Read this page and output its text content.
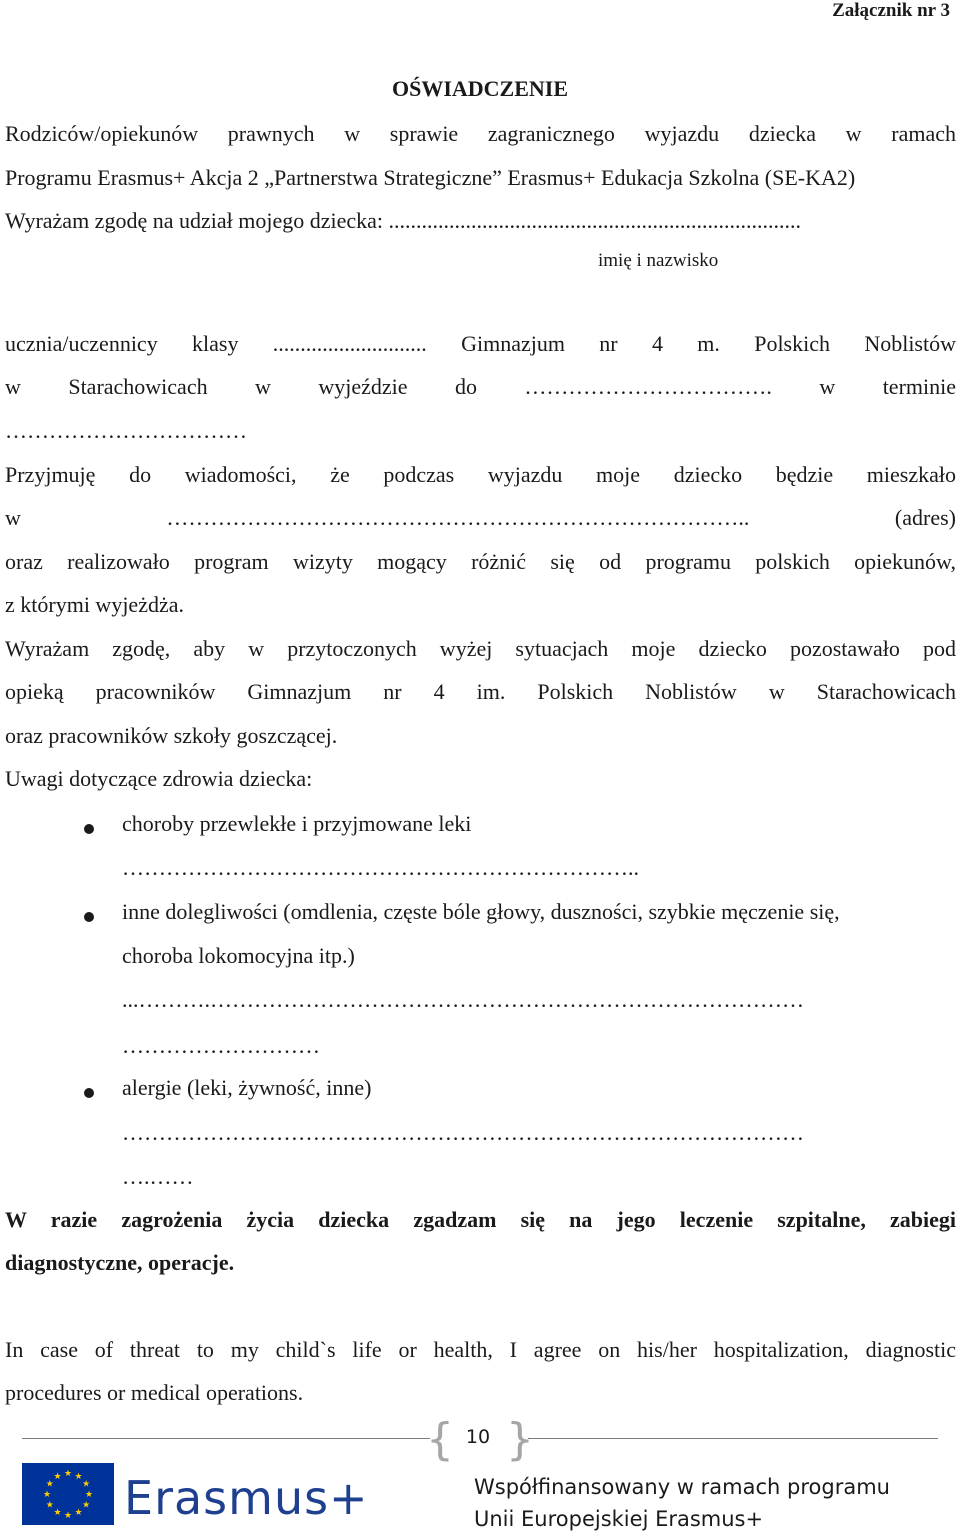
Załącznik nr 3
OŚWIADCZENIE
Rodziców/opiekunów prawnych w sprawie zagranicznego wyjazdu dziecka w ramach
Programu Erasmus+ Akcja 2 „Partnerstwa Strategiczne” Erasmus+ Edukacja Szkolna (SE-KA2)
Wyrażam zgodę na udział mojego dziecka: ...........................................................................
imię i nazwisko
ucznia/uczennicy klasy ............................ Gimnazjum nr 4 m. Polskich Noblistów
w Starachowicach w wyjeździe do ……………………………. w terminie
……………………………
Przyjmuję do wiadomości, że podczas wyjazdu moje dziecko będzie mieszkało
w …………………………………………………………………….. (adres)
oraz realizowało program wizyty mogący różnić się od programu polskich opiekunów,
z którymi wyjeżdża.
Wyrażam zgodę, aby w przytoczonych wyżej sytuacjach moje dziecko pozostawało pod
opieką pracowników Gimnazjum nr 4 im. Polskich Noblistów w Starachowicach
oraz pracowników szkoły goszczącej.
Uwagi dotyczące zdrowia dziecka:
choroby przewlekłe i przyjmowane leki
……………………………………………………………..
inne dolegliwości (omdlenia, częste bóle głowy, duszności, szybkie męczenie się,
choroba lokomocyjna itp.)
...……….………………………………………………………………………
………………………
alergie (leki, żywność, inne)
…………………………………………………………………………………
….……
W razie zagrożenia życia dziecka zgadzam się na jego leczenie szpitalne, zabiegi
diagnostyczne, operacje.
In case of threat to my child`s life or health, I agree on his/her hospitalization, diagnostic
procedures or medical operations.
{ }
10
Współfinansowany w ramach programu
Unii Europejskiej Erasmus+
★ ★
★
★
★
★
★
★
★
★
★
★ Erasmus+
